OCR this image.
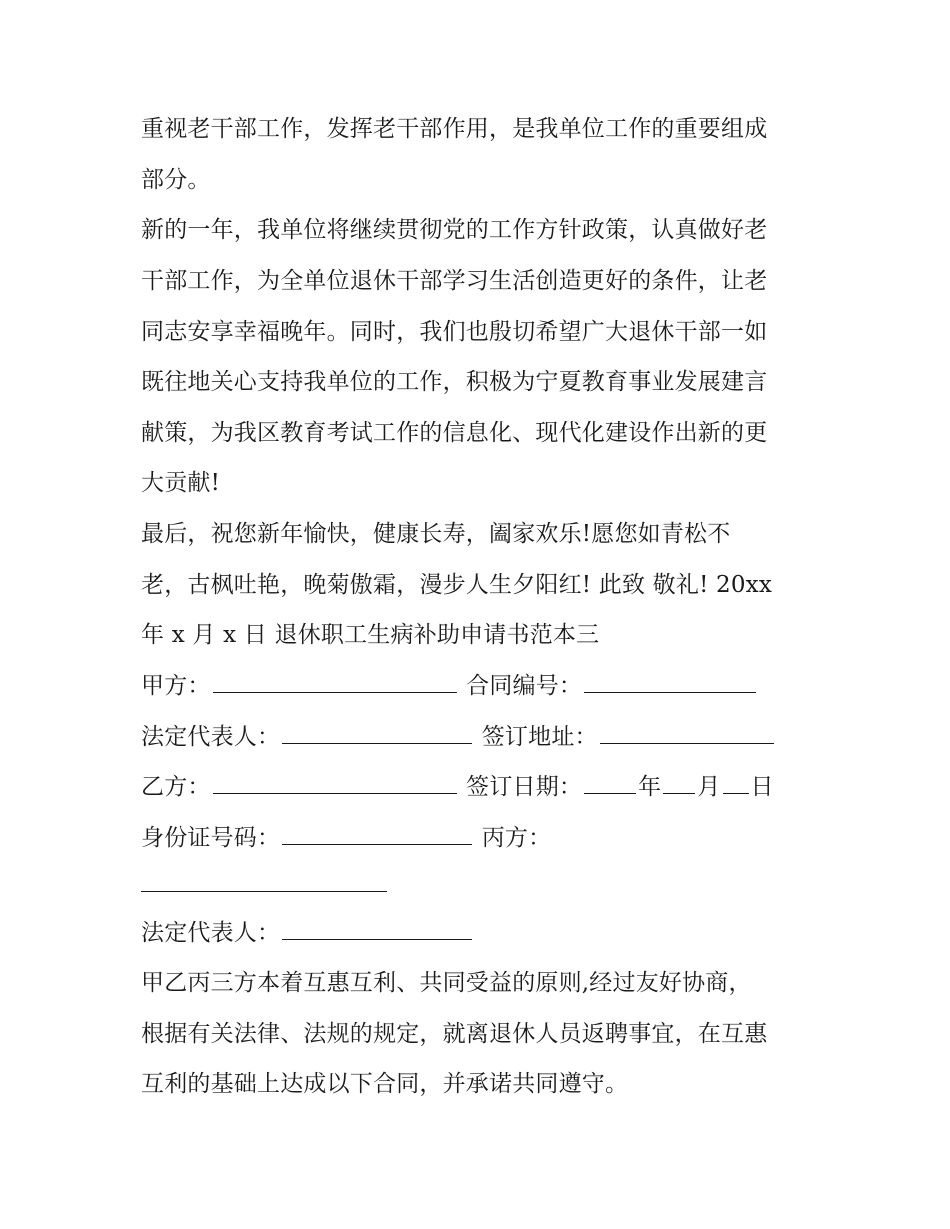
重视老干部工作，发挥老干部作用，是我单位工作的重要组成
部分。
新的一年，我单位将继续贯彻党的工作方针政策，认真做好老
干部工作，为全单位退休干部学习生活创造更好的条件，让老
同志安享幸福晚年。同时，我们也殷切希望广大退休干部一如
既往地关心支持我单位的工作，积极为宁夏教育事业发展建言
献策，为我区教育考试工作的信息化、现代化建设作出新的更
大贡献!
最后，祝您新年愉快，健康长寿，阖家欢乐!愿您如青松不
老，古枫吐艳，晚菊傲霜，漫步人生夕阳红! 此致 敬礼! 20xx
年 x 月 x 日 退休职工生病补助申请书范本三
甲方：	合同编号：
法定代表人：	签订地址：
乙方：	签订日期： 年 月 日
身份证号码：	丙方：
法定代表人：
甲乙丙三方本着互惠互利、共同受益的原则,经过友好协商，
根据有关法律、法规的规定，就离退休人员返聘事宜，在互惠
互利的基础上达成以下合同，并承诺共同遵守。
